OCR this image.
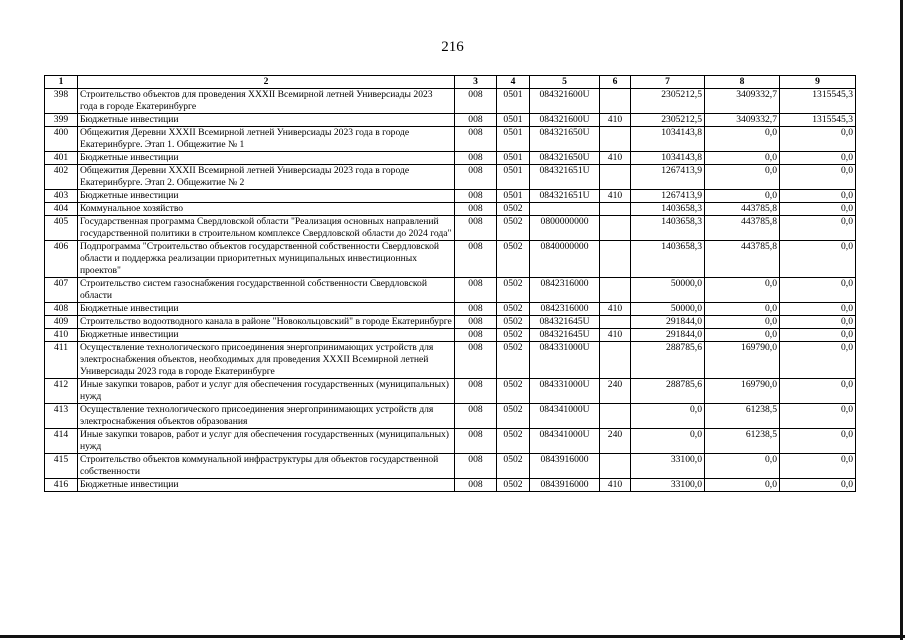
216
1	2	3	4	5	6	7	8	9
398	Строительство объектов для проведения XXXII Всемирной летней Универсиады 2023 года в городе Екатеринбурге	008	0501	084321600U		2305212,5	3409332,7	1315545,3
399	Бюджетные инвестиции	008	0501	084321600U	410	2305212,5	3409332,7	1315545,3
400	Общежития Деревни XXXII Всемирной летней Универсиады 2023 года в городе Екатеринбурге. Этап 1. Общежитие № 1	008	0501	084321650U		1034143,8	0,0	0,0
401	Бюджетные инвестиции	008	0501	084321650U	410	1034143,8	0,0	0,0
402	Общежития Деревни XXXII Всемирной летней Универсиады 2023 года в городе Екатеринбурге. Этап 2. Общежитие № 2	008	0501	084321651U		1267413,9	0,0	0,0
403	Бюджетные инвестиции	008	0501	084321651U	410	1267413,9	0,0	0,0
404	Коммунальное хозяйство	008	0502			1403658,3	443785,8	0,0
405	Государственная программа Свердловской области "Реализация основных направлений государственной политики в строительном комплексе Свердловской области до 2024 года"	008	0502	0800000000		1403658,3	443785,8	0,0
406	Подпрограмма "Строительство объектов государственной собственности Свердловской области и поддержка реализации приоритетных муниципальных инвестиционных проектов"	008	0502	0840000000		1403658,3	443785,8	0,0
407	Строительство систем газоснабжения государственной собственности Свердловской области	008	0502	0842316000		50000,0	0,0	0,0
408	Бюджетные инвестиции	008	0502	0842316000	410	50000,0	0,0	0,0
409	Строительство водоотводного канала в районе "Новокольцовский" в городе Екатеринбурге	008	0502	084321645U		291844,0	0,0	0,0
410	Бюджетные инвестиции	008	0502	084321645U	410	291844,0	0,0	0,0
411	Осуществление технологического присоединения энергопринимающих устройств для электроснабжения объектов, необходимых для проведения XXXII Всемирной летней Универсиады 2023 года в городе Екатеринбурге	008	0502	084331000U		288785,6	169790,0	0,0
412	Иные закупки товаров, работ и услуг для обеспечения государственных (муниципальных) нужд	008	0502	084331000U	240	288785,6	169790,0	0,0
413	Осуществление технологического присоединения энергопринимающих устройств для электроснабжения объектов образования	008	0502	084341000U		0,0	61238,5	0,0
414	Иные закупки товаров, работ и услуг для обеспечения государственных (муниципальных) нужд	008	0502	084341000U	240	0,0	61238,5	0,0
415	Строительство объектов коммунальной инфраструктуры для объектов государственной собственности	008	0502	0843916000		33100,0	0,0	0,0
416	Бюджетные инвестиции	008	0502	0843916000	410	33100,0	0,0	0,0
